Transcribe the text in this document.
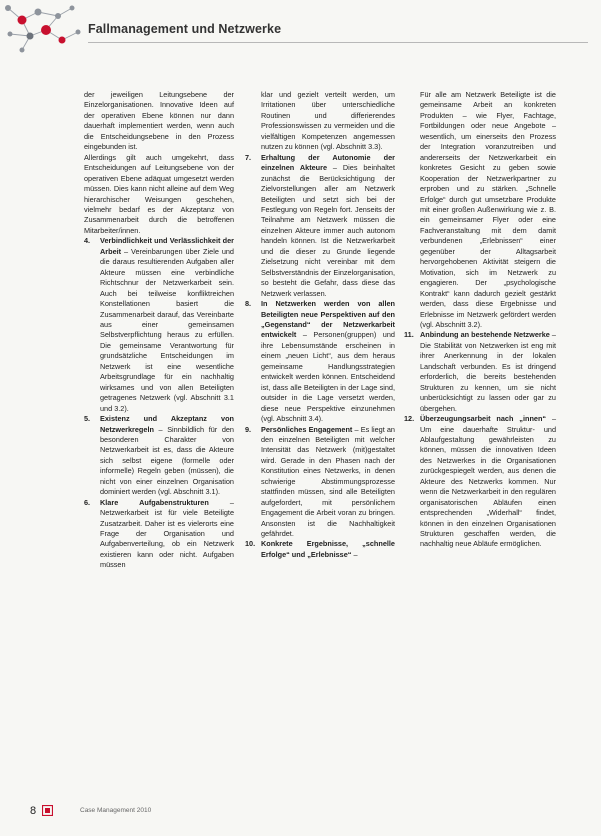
Fallmanagement und Netzwerke

der jeweiligen Leitungsebene der Einzelorganisationen. Innovative Ideen auf der operativen Ebene können nur dann dauerhaft implementiert werden, wenn auch die Entscheidungsebene in den Prozess eingebunden ist.

Allerdings gilt auch umgekehrt, dass Entscheidungen auf Leitungsebene von der operativen Ebene adäquat umgesetzt werden müssen. Dies kann nicht alleine auf dem Weg hierarchischer Weisungen geschehen, vielmehr bedarf es der Akzeptanz von Zusammenarbeit durch die betroffenen Mitarbeiter/innen.

4. Verbindlichkeit und Verlässlichkeit der Arbeit – Vereinbarungen über Ziele und die daraus resultierenden Aufgaben aller Akteure müssen eine verbindliche Richtschnur der Netzwerkarbeit sein. Auch bei teilweise konfliktreichen Konstellationen basiert die Zusammenarbeit darauf, das Vereinbarte aus einer gemeinsamen Selbstverpflichtung heraus zu erfüllen. Die gemeinsame Verantwortung für grundsätzliche Entscheidungen im Netzwerk ist eine wesentliche Arbeitsgrundlage für ein nachhaltig wirksames und von allen Beteiligten getragenes Netzwerk (vgl. Abschnitt 3.1 und 3.2).

5. Existenz und Akzeptanz von Netzwerkregeln – Sinnbildlich für den besonderen Charakter von Netzwerkarbeit ist es, dass die Akteure sich selbst eigene (formelle oder informelle) Regeln geben (müssen), die nicht von einer einzelnen Organisation dominiert werden (vgl. Abschnitt 3.1).

6. Klare Aufgabenstrukturen – Netzwerkarbeit ist für viele Beteiligte Zusatzarbeit. Daher ist es vielerorts eine Frage der Organisation und Aufgabenverteilung, ob ein Netzwerk existieren kann oder nicht. Aufgaben müssen

klar und gezielt verteilt werden, um Irritationen über unterschiedliche Routinen und differierendes Professionswissen zu vermeiden und die vielfältigen Kompetenzen angemessen nutzen zu können (vgl. Abschnitt 3.3).

7. Erhaltung der Autonomie der einzelnen Akteure – Dies beinhaltet zunächst die Berücksichtigung der Zielvorstellungen aller am Netzwerk Beteiligten und setzt sich bei der Festlegung von Regeln fort. Jenseits der Teilnahme am Netzwerk müssen die einzelnen Akteure immer auch autonom handeln können. Ist die Netzwerkarbeit und die dieser zu Grunde liegende Zielsetzung nicht vereinbar mit dem Selbstverständnis der Einzelorganisation, so besteht die Gefahr, dass diese das Netzwerk verlassen.

8. In Netzwerken werden von allen Beteiligten neue Perspektiven auf den „Gegenstand“ der Netzwerkarbeit entwickelt – Personen(gruppen) und ihre Lebensumstände erscheinen in einem „neuen Licht“, aus dem heraus gemeinsame Handlungsstrategien entwickelt werden können. Entscheidend ist, dass alle Beteiligten in der Lage sind, outsider in die Lage versetzt werden, diese neue Perspektive einzunehmen (vgl. Abschnitt 3.4).

9. Persönliches Engagement – Es liegt an den einzelnen Beteiligten mit welcher Intensität das Netzwerk (mit)gestaltet wird. Gerade in den Phasen nach der Konstitution eines Netzwerks, in denen schwierige Abstimmungsprozesse stattfinden müssen, sind alle Beteiligten aufgefordert, mit persönlichem Engagement die Arbeit voran zu bringen. Ansonsten ist die Nachhaltigkeit gefährdet.

10. Konkrete Ergebnisse, „schnelle Erfolge“ und „Erlebnisse“ –

Für alle am Netzwerk Beteiligte ist die gemeinsame Arbeit an konkreten Produkten – wie Flyer, Fachtage, Fortbildungen oder neue Angebote – wesentlich, um einerseits den Prozess der Integration voranzutreiben und andererseits der Netzwerkarbeit ein konkretes Gesicht zu geben sowie Kooperation der Netzwerkpartner zu erproben und zu stärken. „Schnelle Erfolge“ durch gut umsetzbare Produkte mit einer großen Außenwirkung wie z. B. ein gemeinsamer Flyer oder eine Fachveranstaltung mit dem damit verbundenen „Erlebnissen“ einer gegenüber der Alltagsarbeit hervorgehobenen Aktivität steigern die Motivation, sich im Netzwerk zu engagieren. Der „psychologische Kontrakt“ kann dadurch gezielt gestärkt werden, dass diese Ergebnisse und Erlebnisse im Netzwerk gefördert werden (vgl. Abschnitt 3.2).

11. Anbindung an bestehende Netzwerke – Die Stabilität von Netzwerken ist eng mit ihrer Anerkennung in der lokalen Landschaft verbunden. Es ist dringend erforderlich, die bereits bestehenden Strukturen zu kennen, um sie nicht unberücksichtigt zu lassen oder gar zu übergehen.

12. Überzeugungsarbeit nach „innen“ – Um eine dauerhafte Struktur- und Ablaufgestaltung gewährleisten zu können, müssen die innovativen Ideen des Netzwerkes in die Organisationen zurückgespiegelt werden, aus denen die Akteure des Netzwerks kommen. Nur wenn die Netzwerkarbeit in den regulären organisatorischen Abläufen einen entsprechenden „Widerhall“ findet, können in den einzelnen Organisationen Strukturen geschaffen werden, die nachhaltig neue Abläufe ermöglichen.

8	Case Management 2010
